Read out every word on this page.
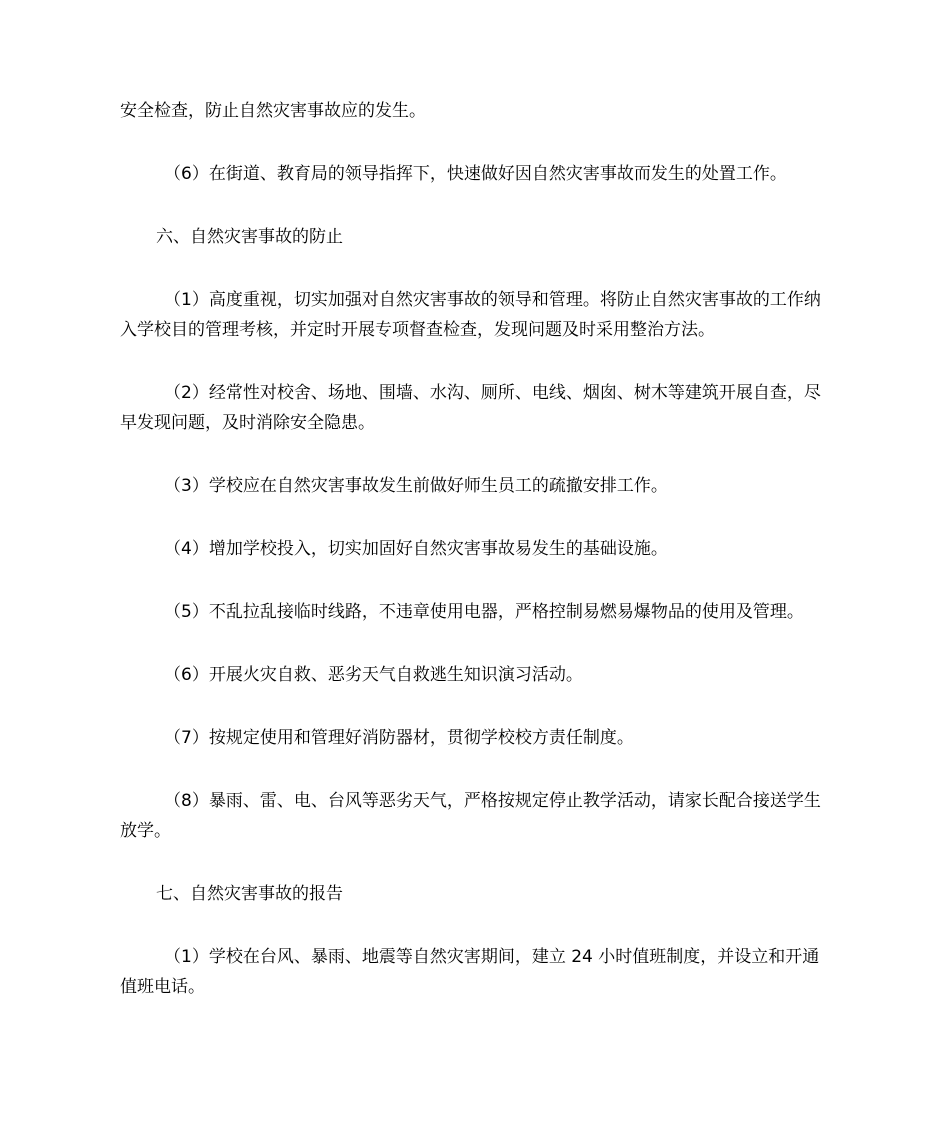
安全检查，防止自然灾害事故应的发生。

（6）在街道、教育局的领导指挥下，快速做好因自然灾害事故而发生的处置工作。

六、自然灾害事故的防止

（1）高度重视，切实加强对自然灾害事故的领导和管理。将防止自然灾害事故的工作纳入学校目的管理考核，并定时开展专项督查检查，发现问题及时采用整治方法。

（2）经常性对校舍、场地、围墙、水沟、厕所、电线、烟囱、树木等建筑开展自查，尽早发现问题，及时消除安全隐患。

（3）学校应在自然灾害事故发生前做好师生员工的疏撤安排工作。

（4）增加学校投入，切实加固好自然灾害事故易发生的基础设施。

（5）不乱拉乱接临时线路，不违章使用电器，严格控制易燃易爆物品的使用及管理。

（6）开展火灾自救、恶劣天气自救逃生知识演习活动。

（7）按规定使用和管理好消防器材，贯彻学校校方责任制度。

（8）暴雨、雷、电、台风等恶劣天气，严格按规定停止教学活动，请家长配合接送学生放学。

七、自然灾害事故的报告

（1）学校在台风、暴雨、地震等自然灾害期间，建立 24 小时值班制度，并设立和开通值班电话。
